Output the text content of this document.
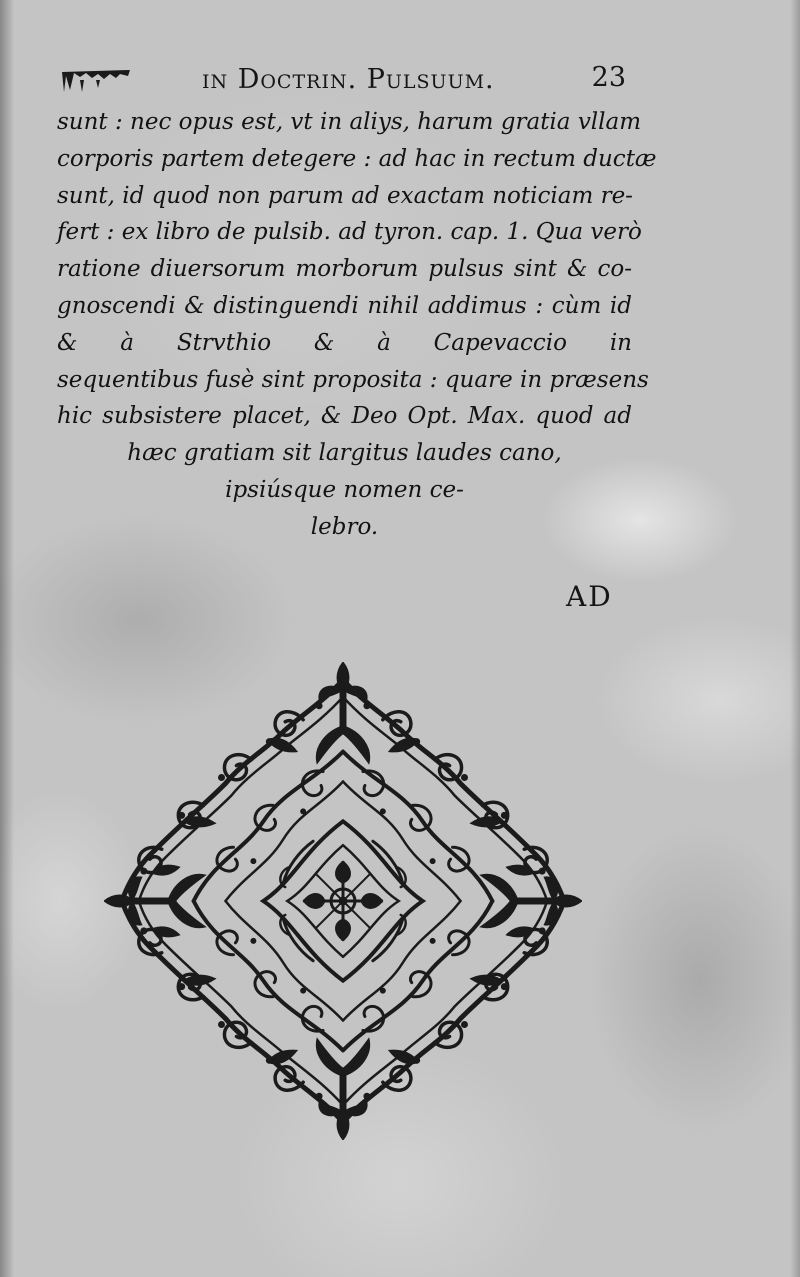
in Doctrin. Pulsuum.	23
sunt : nec opus est, vt in aliys, harum gratia vllam
corporis partem detegere : ad hac in rectum ductæ
sunt, id quod non parum ad exactam noticiam re-
fert : ex libro de pulsib. ad tyron. cap. 1. Qua verò
ratione diuersorum morborum pulsus sint & co-
gnoscendi & distinguendi nihil addimus : cùm id
& à Strvthio & à Capevaccio in
sequentibus fusè sint proposita : quare in præsens
hic subsistere placet, & Deo Opt. Max. quod ad
hæc gratiam sit largitus laudes cano,
ipsiúsque nomen ce-
lebro.
AD
